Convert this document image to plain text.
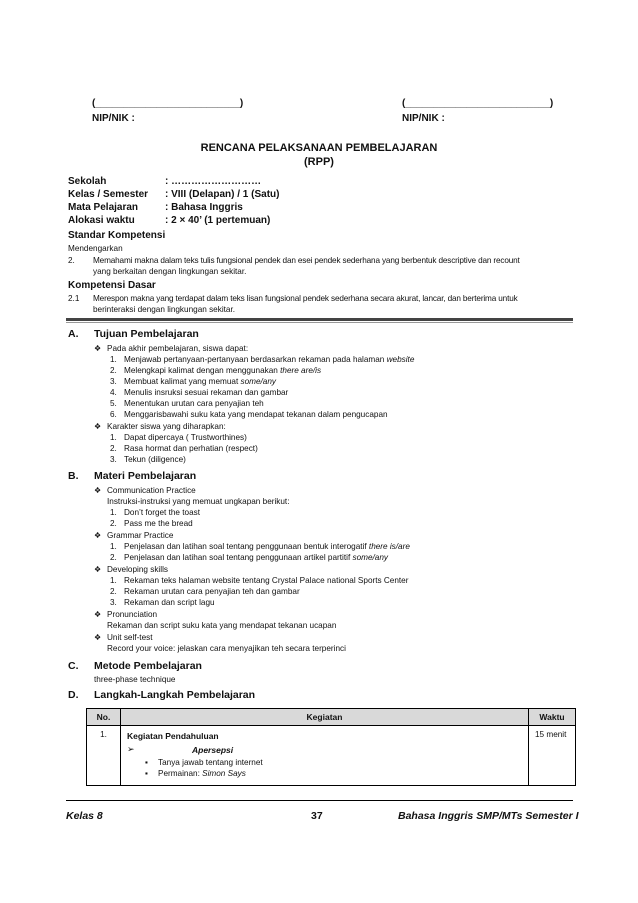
(__________________________)
NIP/NIK :
(__________________________)
NIP/NIK :
RENCANA PELAKSANAAN PEMBELAJARAN
(RPP)
Sekolah	: ………………………
Kelas / Semester : VIII (Delapan) / 1 (Satu)
Mata Pelajaran	: Bahasa Inggris
Alokasi waktu	: 2 × 40’ (1 pertemuan)
Standar Kompetensi
Mendengarkan
2. Memahami makna dalam teks tulis fungsional pendek dan esei pendek sederhana yang berbentuk descriptive dan recount
yang berkaitan dengan lingkungan sekitar.
Kompetensi Dasar
2.1 Merespon makna yang terdapat dalam teks lisan fungsional pendek sederhana secara akurat, lancar, dan berterima untuk
berinteraksi dengan lingkungan sekitar.
A. Tujuan Pembelajaran
❖ Pada akhir pembelajaran, siswa dapat:
1. Menjawab pertanyaan-pertanyaan berdasarkan rekaman pada halaman website
2. Melengkapi kalimat dengan menggunakan there are/is
3. Membuat kalimat yang memuat some/any
4. Menulis insruksi sesuai rekaman dan gambar
5. Menentukan urutan cara penyajian teh
6. Menggarisbawahi suku kata yang mendapat tekanan dalam pengucapan
❖ Karakter siswa yang diharapkan:
1. Dapat dipercaya ( Trustworthines)
2. Rasa hormat dan perhatian (respect)
3. Tekun (diligence)
B. Materi Pembelajaran
❖ Communication Practice
Instruksi-instruksi yang memuat ungkapan berikut:
1. Don’t forget the toast
2. Pass me the bread
❖ Grammar Practice
1. Penjelasan dan latihan soal tentang penggunaan bentuk interogatif there is/are
2. Penjelasan dan latihan soal tentang penggunaan artikel partitif some/any
❖ Developing skills
1. Rekaman teks halaman website tentang Crystal Palace national Sports Center
2. Rekaman urutan cara penyajian teh dan gambar
3. Rekaman dan script lagu
❖ Pronunciation
Rekaman dan script suku kata yang mendapat tekanan ucapan
❖ Unit self-test
Record your voice: jelaskan cara menyajikan teh secara terperinci
C. Metode Pembelajaran
three-phase technique
D. Langkah-Langkah Pembelajaran
No.	Kegiatan	Waktu
1.	Kegiatan Pendahuluan	15 menit
➢	Apersepsi
▪ Tanya jawab tentang internet
▪ Permainan: Simon Says
Kelas 8	37	Bahasa Inggris SMP/MTs Semester I
